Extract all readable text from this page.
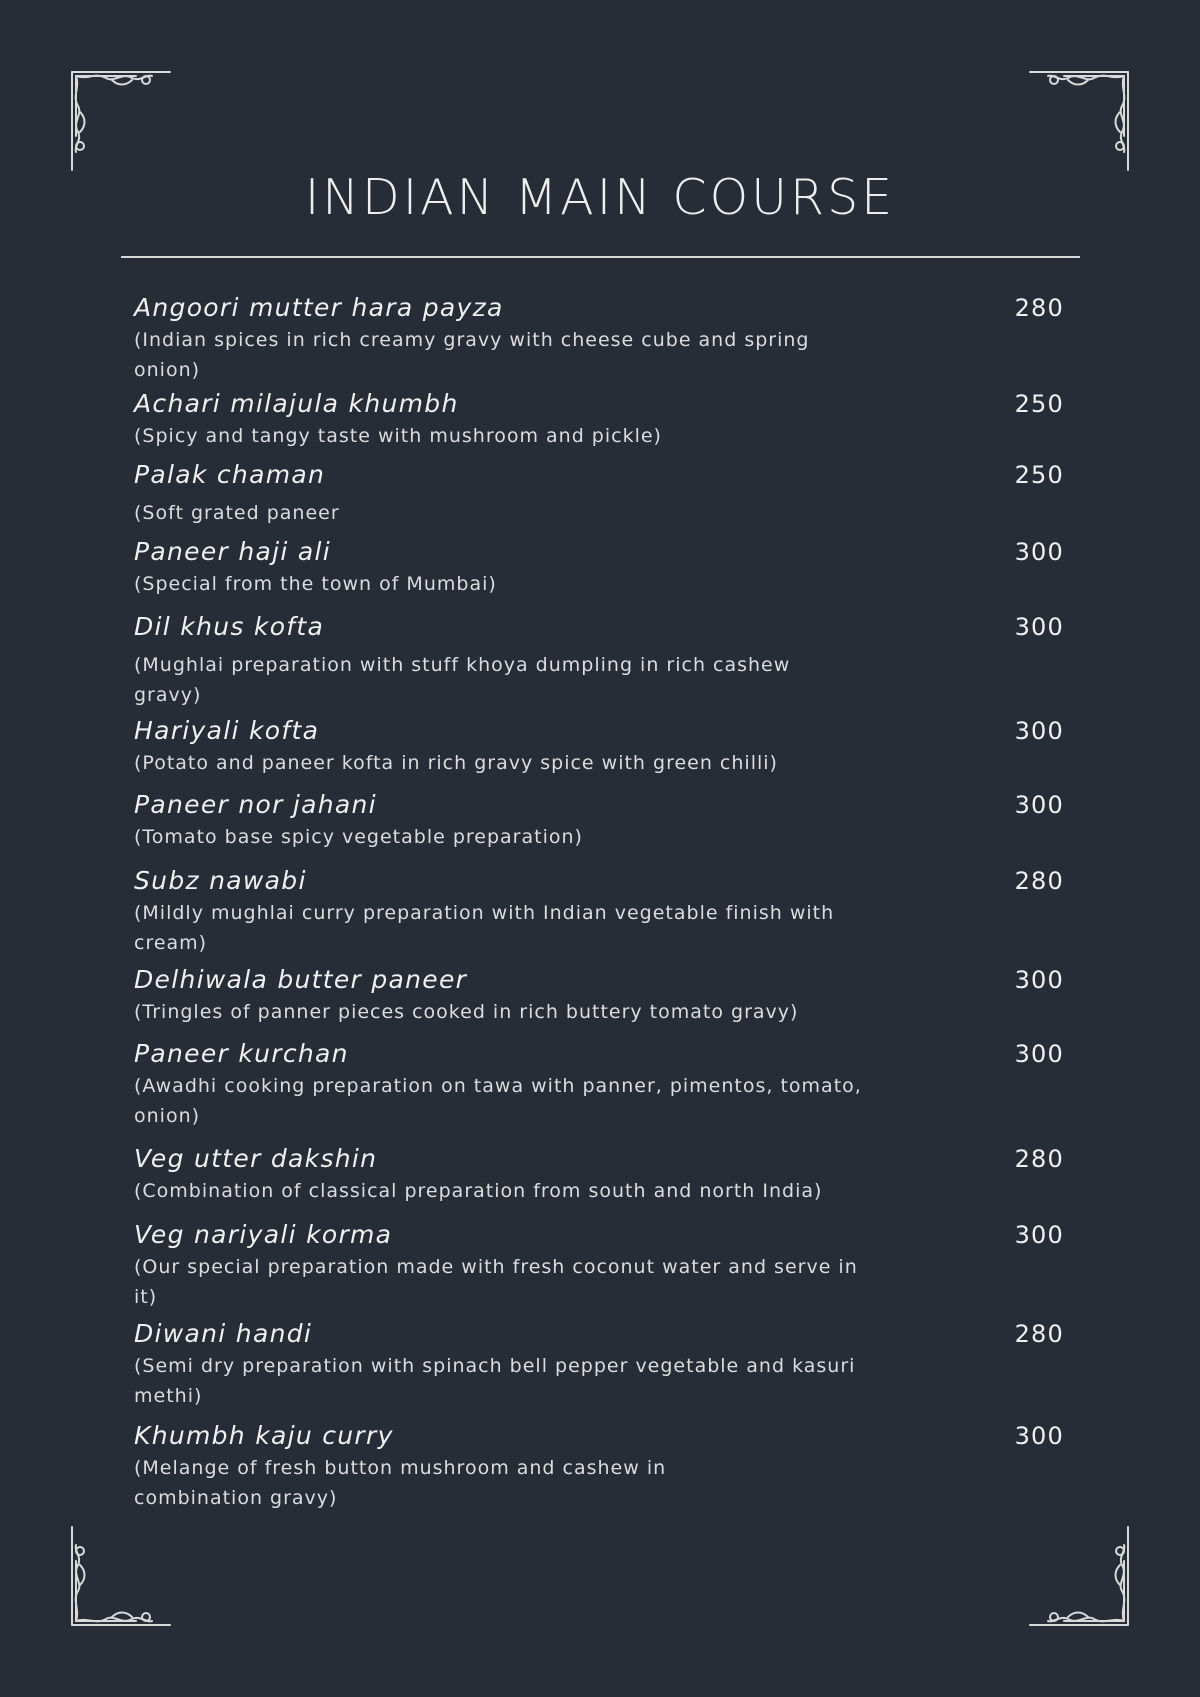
INDIAN MAIN COURSE
Angoori mutter hara payza	280
(Indian spices in rich creamy gravy with cheese cube and spring onion)
Achari milajula khumbh	250
(Spicy and tangy taste with mushroom and pickle)
Palak chaman	250
(Soft grated paneer
Paneer haji ali	300
(Special from the town of Mumbai)
Dil khus kofta	300
(Mughlai preparation with stuff khoya dumpling in rich cashew gravy)
Hariyali kofta	300
(Potato and paneer kofta in rich gravy spice with green chilli)
Paneer nor jahani	300
(Tomato base spicy vegetable preparation)
Subz nawabi	280
(Mildly mughlai curry preparation with Indian vegetable finish with cream)
Delhiwala butter paneer	300
(Tringles of panner pieces cooked in rich buttery tomato gravy)
Paneer kurchan	300
(Awadhi cooking preparation on tawa with panner, pimentos, tomato, onion)
Veg utter dakshin	280
(Combination of classical preparation from south and north India)
Veg nariyali korma	300
(Our special preparation made with fresh coconut water and serve in it)
Diwani handi	280
(Semi dry preparation with spinach bell pepper vegetable and kasuri methi)
Khumbh kaju curry	300
(Melange of fresh button mushroom and cashew in combination gravy)
